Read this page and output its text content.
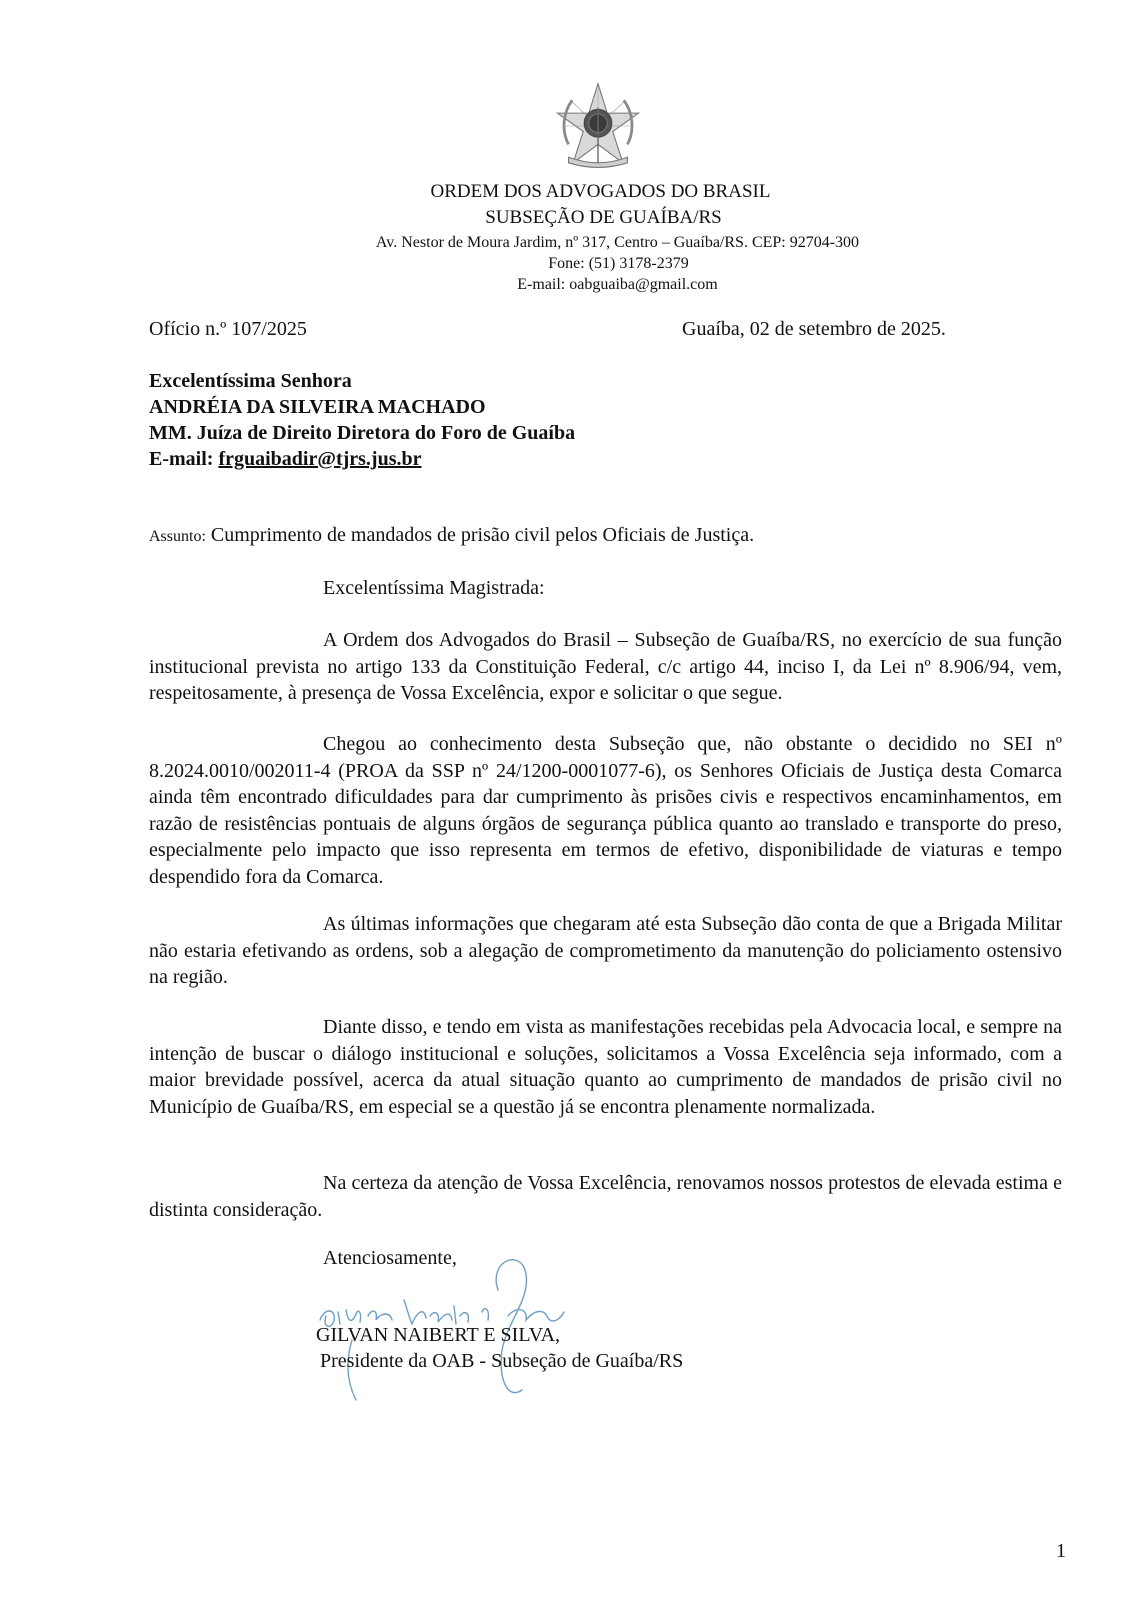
ORDEM DOS ADVOGADOS DO BRASIL
SUBSEÇÃO DE GUAÍBA/RS
Av. Nestor de Moura Jardim, nº 317, Centro – Guaíba/RS. CEP: 92704-300
Fone: (51) 3178-2379
E-mail: oabguaiba@gmail.com
Ofício n.º 107/2025	Guaíba, 02 de setembro de 2025.
Excelentíssima Senhora
ANDRÉIA DA SILVEIRA MACHADO
MM. Juíza de Direito Diretora do Foro de Guaíba
E-mail: frguaibadir@tjrs.jus.br
Assunto: Cumprimento de mandados de prisão civil pelos Oficiais de Justiça.
Excelentíssima Magistrada:

A Ordem dos Advogados do Brasil – Subseção de Guaíba/RS, no exercício de sua função institucional prevista no artigo 133 da Constituição Federal, c/c artigo 44, inciso I, da Lei nº 8.906/94, vem, respeitosamente, à presença de Vossa Excelência, expor e solicitar o que segue.

Chegou ao conhecimento desta Subseção que, não obstante o decidido no SEI nº 8.2024.0010/002011-4 (PROA da SSP nº 24/1200-0001077-6), os Senhores Oficiais de Justiça desta Comarca ainda têm encontrado dificuldades para dar cumprimento às prisões civis e respectivos encaminhamentos, em razão de resistências pontuais de alguns órgãos de segurança pública quanto ao translado e transporte do preso, especialmente pelo impacto que isso representa em termos de efetivo, disponibilidade de viaturas e tempo despendido fora da Comarca.

As últimas informações que chegaram até esta Subseção dão conta de que a Brigada Militar não estaria efetivando as ordens, sob a alegação de comprometimento da manutenção do policiamento ostensivo na região.

Diante disso, e tendo em vista as manifestações recebidas pela Advocacia local, e sempre na intenção de buscar o diálogo institucional e soluções, solicitamos a Vossa Excelência seja informado, com a maior brevidade possível, acerca da atual situação quanto ao cumprimento de mandados de prisão civil no Município de Guaíba/RS, em especial se a questão já se encontra plenamente normalizada.

Na certeza da atenção de Vossa Excelência, renovamos nossos protestos de elevada estima e distinta consideração.

Atenciosamente,
GILVAN NAIBERT E SILVA,
Presidente da OAB - Subseção de Guaíba/RS
1
